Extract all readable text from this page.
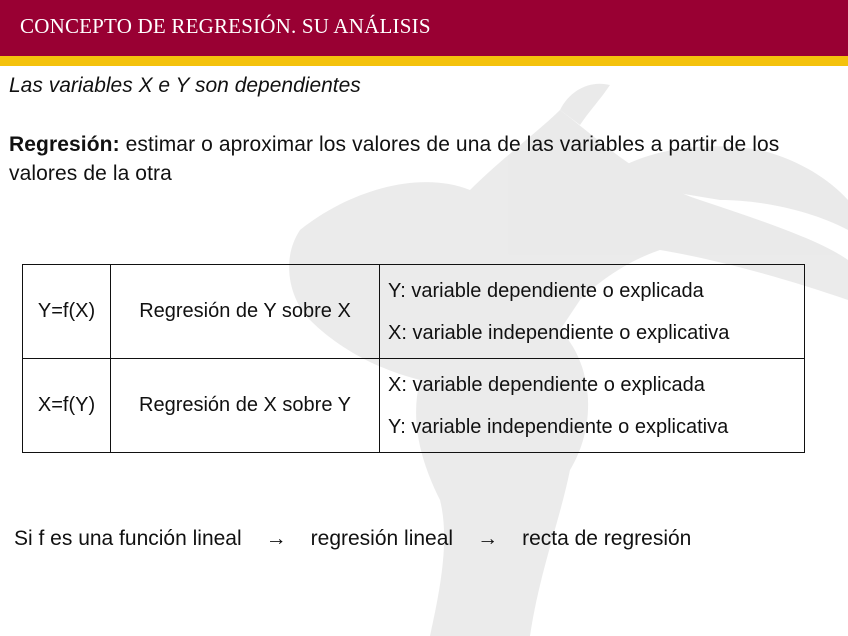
CONCEPTO DE REGRESIÓN. SU ANÁLISIS
Las variables X e Y son dependientes
Regresión: estimar o aproximar los valores de una de las variables a partir de los valores de la otra
Y=f(X)	Regresión de Y sobre X	Y: variable dependiente o explicada
X: variable independiente o explicativa

X=f(Y)	Regresión de X sobre Y	X: variable dependiente o explicada
Y: variable independiente o explicativa
Si f es una función lineal → regresión lineal → recta de regresión
